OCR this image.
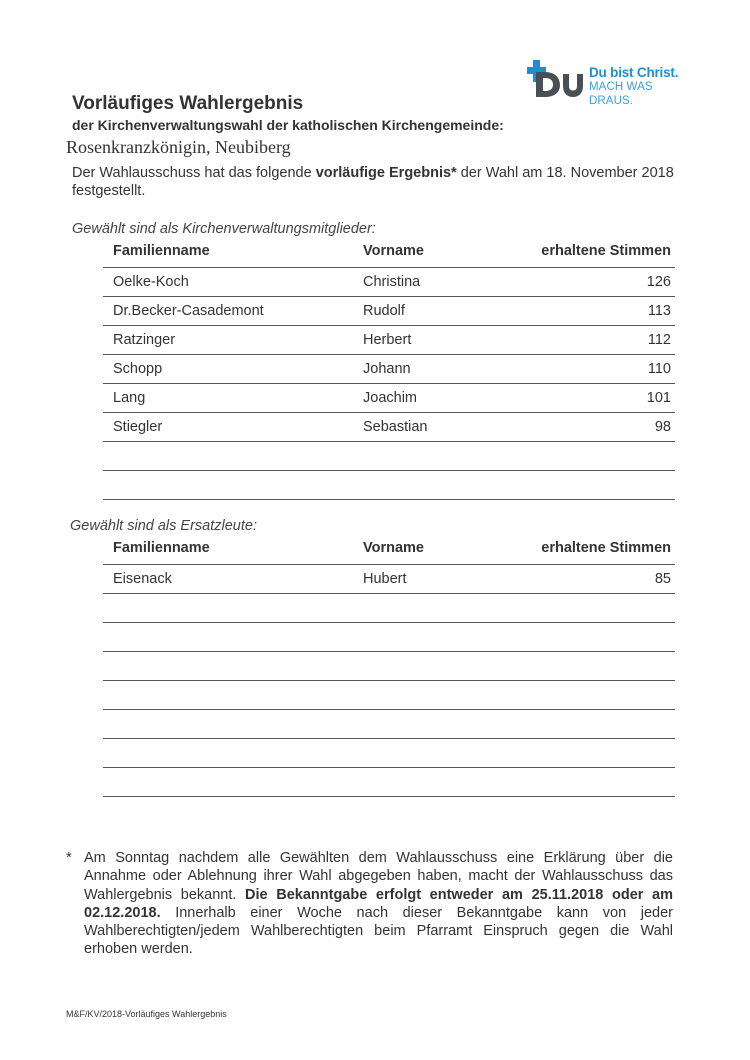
Du bist Christ.
MACH WAS DRAUS.
Vorläufiges Wahlergebnis
der Kirchenverwaltungswahl der katholischen Kirchengemeinde:
Rosenkranzkönigin, Neubiberg
Der Wahlausschuss hat das folgende vorläufige Ergebnis* der Wahl am 18. November 2018 festgestellt.
Gewählt sind als Kirchenverwaltungsmitglieder:
Familienname	Vorname	erhaltene Stimmen
Oelke-Koch	Christina	126
Dr.Becker-Casademont	Rudolf	113
Ratzinger	Herbert	112
Schopp	Johann	110
Lang	Joachim	101
Stiegler	Sebastian	98
Gewählt sind als Ersatzleute:
Familienname	Vorname	erhaltene Stimmen
Eisenack	Hubert	85
* Am Sonntag nachdem alle Gewählten dem Wahlausschuss eine Erklärung über die Annahme oder Ablehnung ihrer Wahl abgegeben haben, macht der Wahlausschuss das Wahlergebnis bekannt. Die Bekanntgabe erfolgt entweder am 25.11.2018 oder am 02.12.2018. Innerhalb einer Woche nach dieser Bekanntgabe kann von jeder Wahlberechtigten/jedem Wahlberechtigten beim Pfarramt Einspruch gegen die Wahl erhoben werden.
M&F/KV/2018-Vorläufiges Wahlergebnis
